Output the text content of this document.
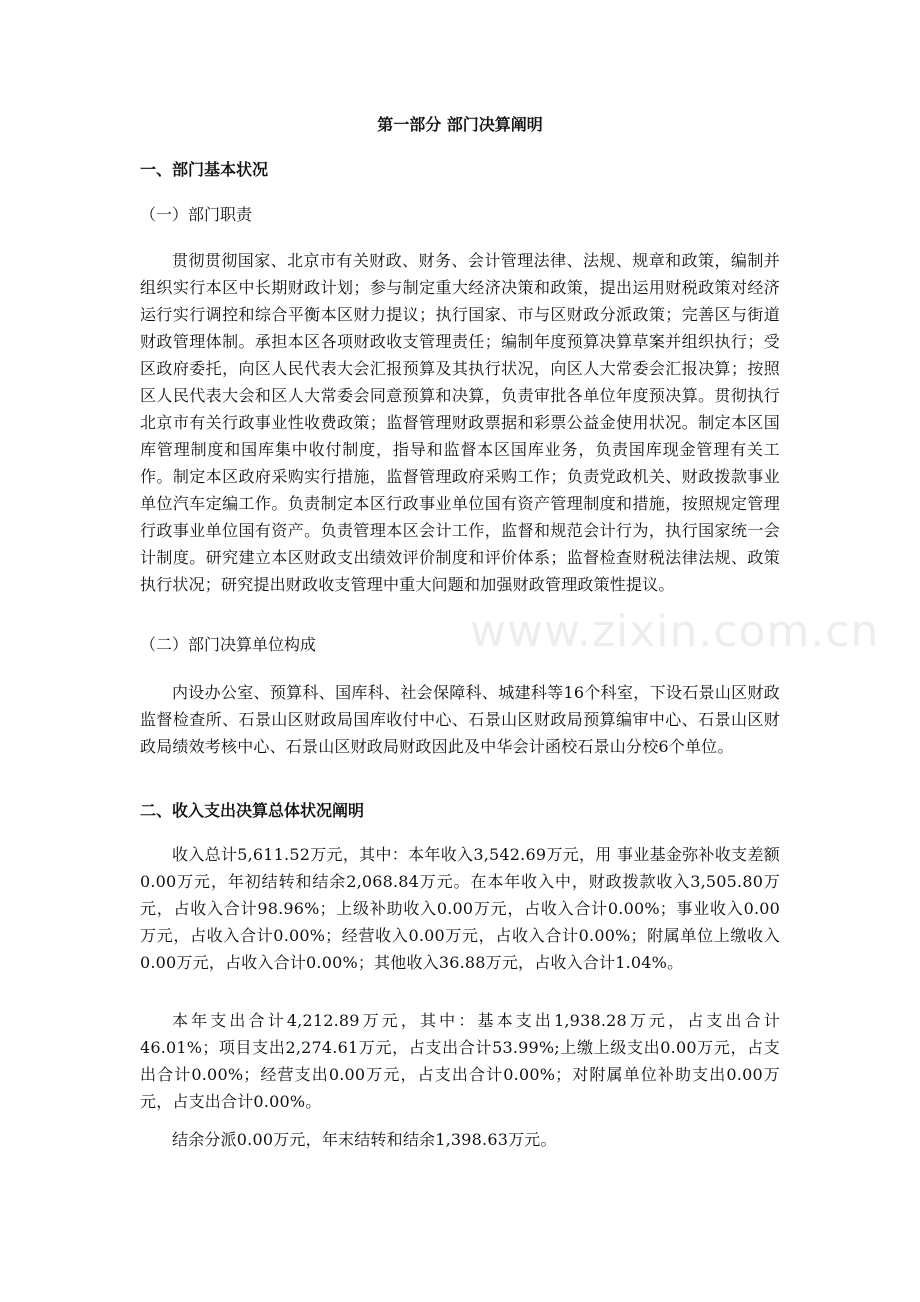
第一部分 部门决算阐明
一、部门基本状况
（一）部门职责

贯彻贯彻国家、北京市有关财政、财务、会计管理法律、法规、规章和政策，编制并组织实行本区中长期财政计划；参与制定重大经济决策和政策，提出运用财税政策对经济运行实行调控和综合平衡本区财力提议；执行国家、市与区财政分派政策；完善区与街道财政管理体制。承担本区各项财政收支管理责任；编制年度预算决算草案并组织执行；受区政府委托，向区人民代表大会汇报预算及其执行状况，向区人大常委会汇报决算；按照区人民代表大会和区人大常委会同意预算和决算，负责审批各单位年度预决算。贯彻执行北京市有关行政事业性收费政策；监督管理财政票据和彩票公益金使用状况。制定本区国库管理制度和国库集中收付制度，指导和监督本区国库业务，负责国库现金管理有关工作。制定本区政府采购实行措施，监督管理政府采购工作；负责党政机关、财政拨款事业单位汽车定编工作。负责制定本区行政事业单位国有资产管理制度和措施，按照规定管理行政事业单位国有资产。负责管理本区会计工作，监督和规范会计行为，执行国家统一会计制度。研究建立本区财政支出绩效评价制度和评价体系；监督检查财税法律法规、政策执行状况；研究提出财政收支管理中重大问题和加强财政管理政策性提议。

（二）部门决算单位构成

内设办公室、预算科、国库科、社会保障科、城建科等16个科室，下设石景山区财政监督检查所、石景山区财政局国库收付中心、石景山区财政局预算编审中心、石景山区财政局绩效考核中心、石景山区财政局财政因此及中华会计函校石景山分校6个单位。

二、收入支出决算总体状况阐明

收入总计5,611.52万元，其中：本年收入3,542.69万元，用 事业基金弥补收支差额0.00万元，年初结转和结余2,068.84万元。在本年收入中，财政拨款收入3,505.80万元，占收入合计98.96%；上级补助收入0.00万元，占收入合计0.00%；事业收入0.00万元，占收入合计0.00%；经营收入0.00万元，占收入合计0.00%；附属单位上缴收入0.00万元，占收入合计0.00%；其他收入36.88万元，占收入合计1.04%。

本年支出合计4,212.89万元，其中：基本支出1,938.28万元，占支出合计46.01%；项目支出2,274.61万元，占支出合计53.99%;上缴上级支出0.00万元，占支出合计0.00%；经营支出0.00万元，占支出合计0.00%；对附属单位补助支出0.00万元，占支出合计0.00%。

结余分派0.00万元，年末结转和结余1,398.63万元。

www.zixin.com.cn
